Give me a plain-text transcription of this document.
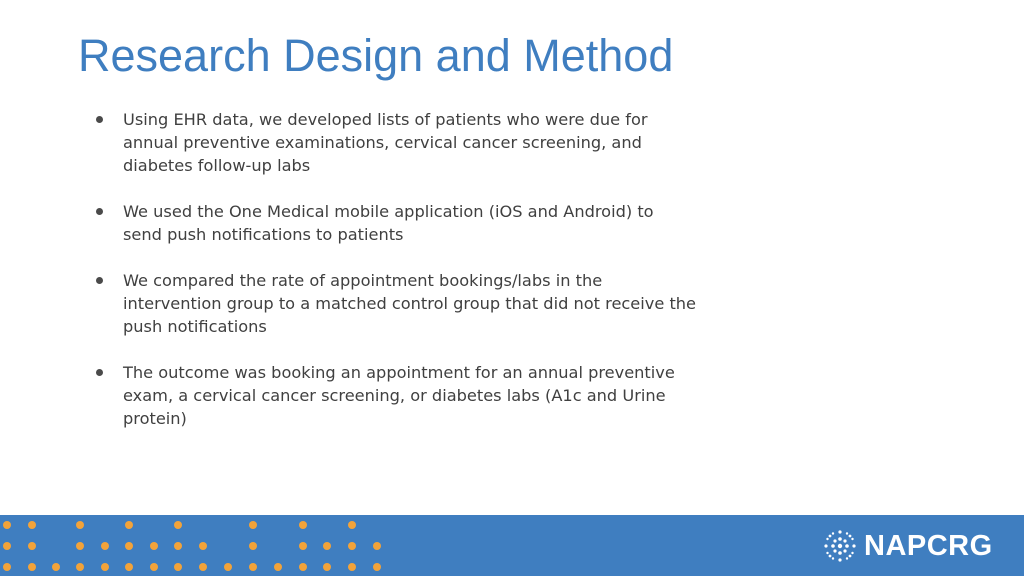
Research Design and Method
Using EHR data, we developed lists of patients who were due for annual preventive examinations, cervical cancer screening, and diabetes follow-up labs
We used the One Medical mobile application (iOS and Android) to send push notifications to patients
We compared the rate of appointment bookings/labs in the intervention group to a matched control group that did not receive the push notifications
The outcome was booking an appointment for an annual preventive exam, a cervical cancer screening, or diabetes labs (A1c and Urine protein)
NAPCRG
